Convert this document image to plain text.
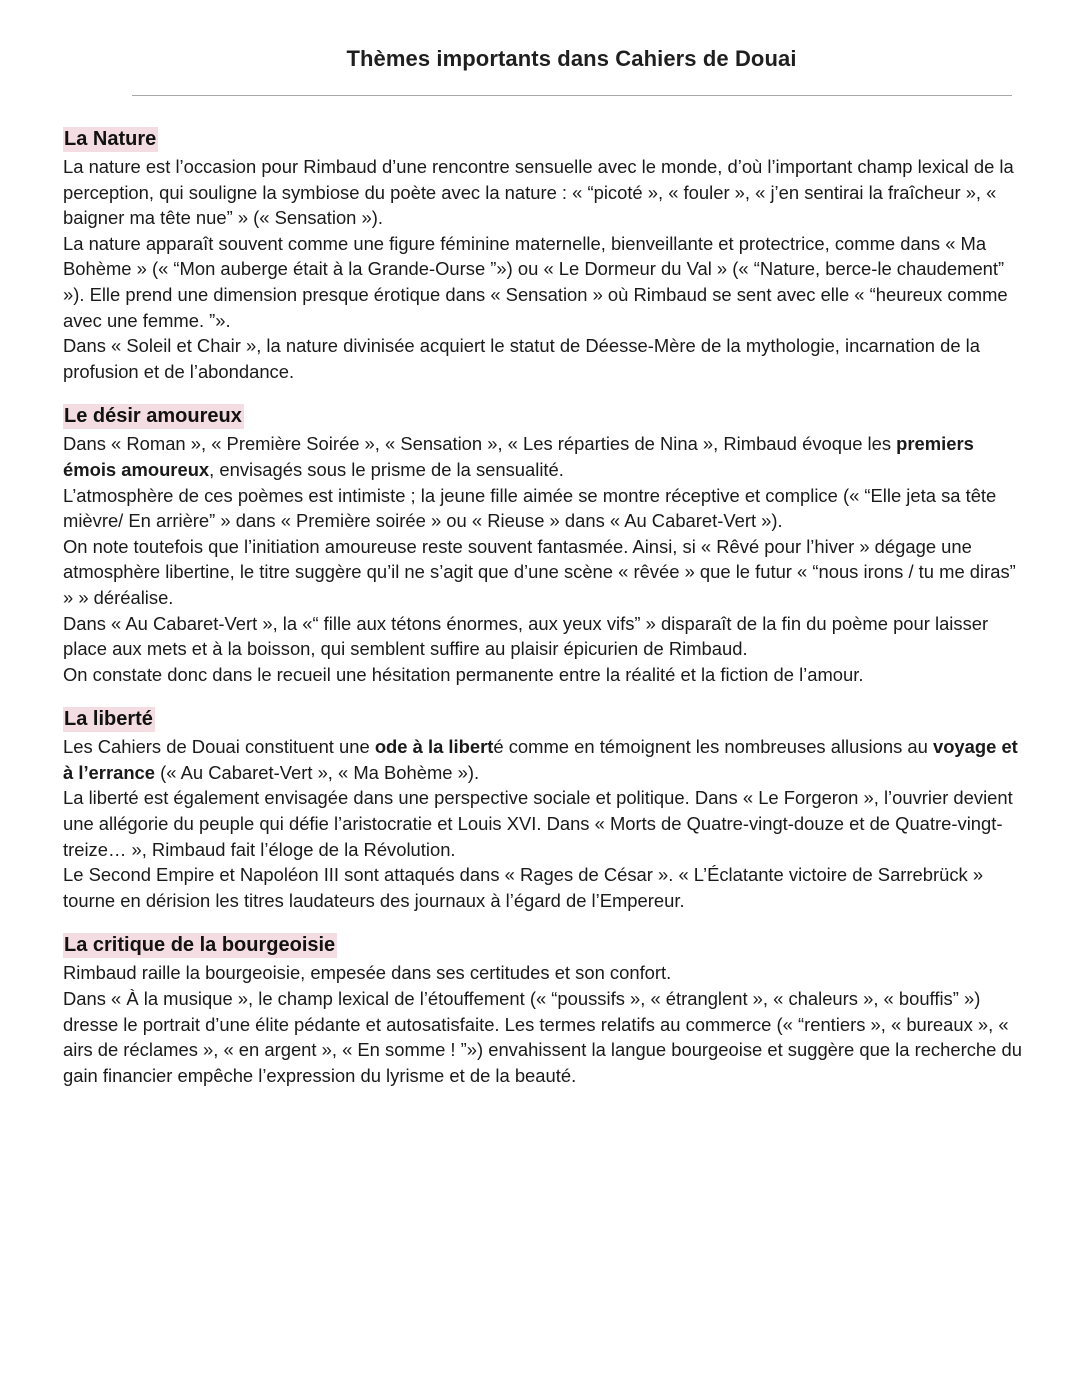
Thèmes importants dans Cahiers de Douai
La Nature

La nature est l’occasion pour Rimbaud d’une rencontre sensuelle avec le monde, d’où l’important champ lexical de la perception, qui souligne la symbiose du poète avec la nature : « “picoté », « fouler », « j’en sentirai la fraîcheur », « baigner ma tête nue” » (« Sensation »).

La nature apparaît souvent comme une figure féminine maternelle, bienveillante et protectrice, comme dans « Ma Bohème » (« “Mon auberge était à la Grande-Ourse ”») ou « Le Dormeur du Val » (« “Nature, berce-le chaudement” »). Elle prend une dimension presque érotique dans « Sensation » où Rimbaud se sent avec elle « “heureux comme avec une femme. ”».

Dans « Soleil et Chair », la nature divinisée acquiert le statut de Déesse-Mère de la mythologie, incarnation de la profusion et de l’abondance.

Le désir amoureux

Dans « Roman », « Première Soirée », « Sensation », « Les réparties de Nina », Rimbaud évoque les premiers émois amoureux, envisagés sous le prisme de la sensualité.

L’atmosphère de ces poèmes est intimiste ; la jeune fille aimée se montre réceptive et complice (« “Elle jeta sa tête mièvre/ En arrière” » dans « Première soirée » ou « Rieuse » dans « Au Cabaret-Vert »).

On note toutefois que l’initiation amoureuse reste souvent fantasmée. Ainsi, si « Rêvé pour l’hiver » dégage une atmosphère libertine, le titre suggère qu’il ne s’agit que d’une scène « rêvée » que le futur « “nous irons / tu me diras” » » déréalise.

Dans « Au Cabaret-Vert », la «“ fille aux tétons énormes, aux yeux vifs” » disparaît de la fin du poème pour laisser place aux mets et à la boisson, qui semblent suffire au plaisir épicurien de Rimbaud.

On constate donc dans le recueil une hésitation permanente entre la réalité et la fiction de l’amour.

La liberté

Les Cahiers de Douai constituent une ode à la liberté comme en témoignent les nombreuses allusions au voyage et à l’errance (« Au Cabaret-Vert », « Ma Bohème »).

La liberté est également envisagée dans une perspective sociale et politique. Dans « Le Forgeron », l’ouvrier devient une allégorie du peuple qui défie l’aristocratie et Louis XVI. Dans « Morts de Quatre-vingt-douze et de Quatre-vingt-treize… », Rimbaud fait l’éloge de la Révolution.

Le Second Empire et Napoléon III sont attaqués dans « Rages de César ». « L’Éclatante victoire de Sarrebrück » tourne en dérision les titres laudateurs des journaux à l’égard de l’Empereur.

La critique de la bourgeoisie

Rimbaud raille la bourgeoisie, empesée dans ses certitudes et son confort.

Dans « À la musique », le champ lexical de l’étouffement (« “poussifs », « étranglent », « chaleurs », « bouffis” ») dresse le portrait d’une élite pédante et autosatisfaite. Les termes relatifs au commerce (« “rentiers », « bureaux », « airs de réclames », « en argent », « En somme ! ”») envahissent la langue bourgeoise et suggère que la recherche du gain financier empêche l’expression du lyrisme et de la beauté.
